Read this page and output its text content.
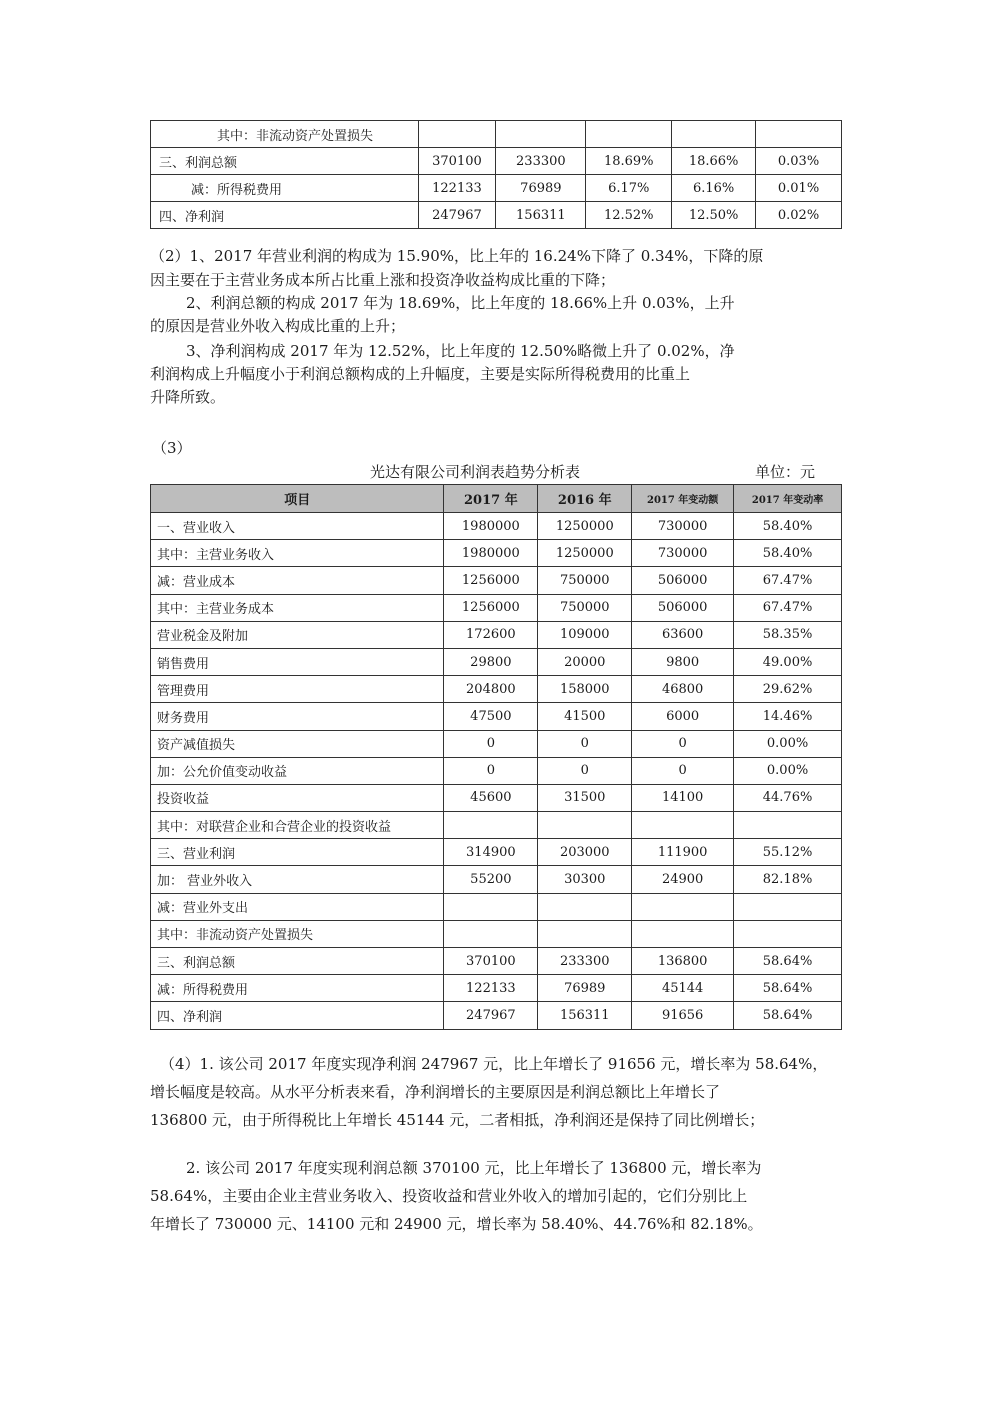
其中：非流动资产处置损失					
三、利润总额	370100	233300	18.69%	18.66%	0.03%
减：所得税费用	122133	76989	6.17%	6.16%	0.01%
四、净利润	247967	156311	12.52%	12.50%	0.02%
（2）1、2017 年营业利润的构成为 15.90%，比上年的 16.24%下降了 0.34%，下降的原因主要在于主营业务成本所占比重上涨和投资净收益构成比重的下降；
2、利润总额的构成 2017 年为 18.69%，比上年度的 18.66%上升 0.03%，上升
的原因是营业外收入构成比重的上升；
3、净利润构成 2017 年为 12.52%，比上年度的 12.50%略微上升了 0.02%，净
利润构成上升幅度小于利润总额构成的上升幅度，主要是实际所得税费用的比重上
升降所致。
（3）
光达有限公司利润表趋势分析表	单位：元
项目	2017 年	2016 年	2017 年变动额	2017 年变动率
一、营业收入	1980000	1250000	730000	58.40%
其中：主营业务收入	1980000	1250000	730000	58.40%
减：营业成本	1256000	750000	506000	67.47%
其中：主营业务成本	1256000	750000	506000	67.47%
营业税金及附加	172600	109000	63600	58.35%
销售费用	29800	20000	9800	49.00%
管理费用	204800	158000	46800	29.62%
财务费用	47500	41500	6000	14.46%
资产减值损失	0	0	0	0.00%
加：公允价值变动收益	0	0	0	0.00%
投资收益	45600	31500	14100	44.76%
其中：对联营企业和合营企业的投资收益				
三、营业利润	314900	203000	111900	55.12%
加： 营业外收入	55200	30300	24900	82.18%
减：营业外支出				
其中：非流动资产处置损失				
三、利润总额	370100	233300	136800	58.64%
减：所得税费用	122133	76989	45144	58.64%
四、净利润	247967	156311	91656	58.64%
（4）1. 该公司 2017 年度实现净利润 247967 元，比上年增长了 91656 元，增长率为 58.64%，
增长幅度是较高。从水平分析表来看，净利润增长的主要原因是利润总额比上年增长了
136800 元，由于所得税比上年增长 45144 元，二者相抵，净利润还是保持了同比例增长；
2. 该公司 2017 年度实现利润总额 370100 元，比上年增长了 136800 元，增长率为
58.64%，主要由企业主营业务收入、投资收益和营业外收入的增加引起的，它们分别比上
年增长了 730000 元、14100 元和 24900 元，增长率为 58.40%、44.76%和 82.18%。
